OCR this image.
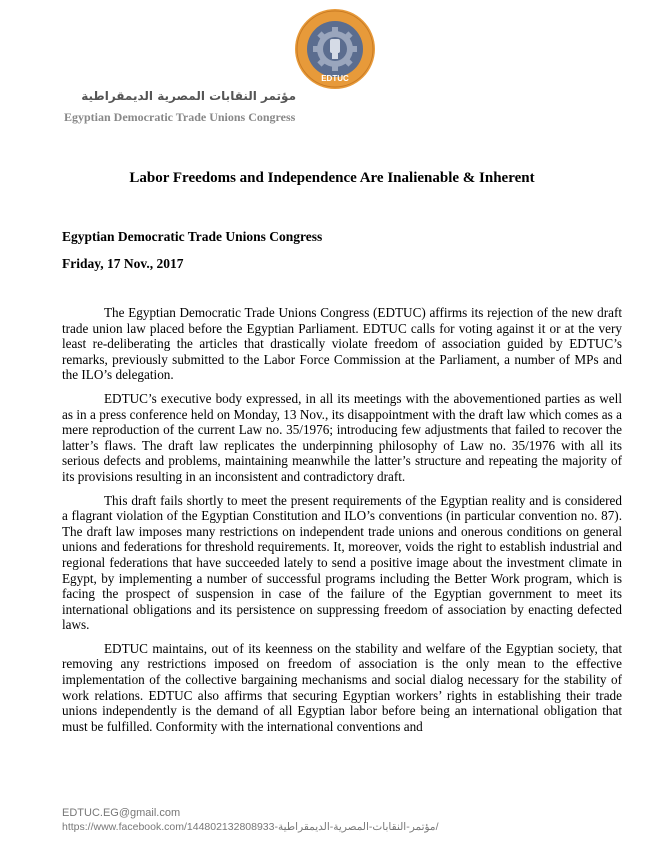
EDTUC
مؤتمر النقابات المصرية الديمقراطية
Egyptian Democratic Trade Unions Congress
Labor Freedoms and Independence Are Inalienable & Inherent
Egyptian Democratic Trade Unions Congress
Friday, 17 Nov., 2017

The Egyptian Democratic Trade Unions Congress (EDTUC) affirms its rejection of the new draft trade union law placed before the Egyptian Parliament. EDTUC calls for voting against it or at the very least re-deliberating the articles that drastically violate freedom of association guided by EDTUC’s remarks, previously submitted to the Labor Force Commission at the Parliament, a number of MPs and the ILO’s delegation.

EDTUC’s executive body expressed, in all its meetings with the abovementioned parties as well as in a press conference held on Monday, 13 Nov., its disappointment with the draft law which comes as a mere reproduction of the current Law no. 35/1976; introducing few adjustments that failed to recover the latter’s flaws. The draft law replicates the underpinning philosophy of Law no. 35/1976 with all its serious defects and problems, maintaining meanwhile the latter’s structure and repeating the majority of its provisions resulting in an inconsistent and contradictory draft.

This draft fails shortly to meet the present requirements of the Egyptian reality and is considered a flagrant violation of the Egyptian Constitution and ILO’s conventions (in particular convention no. 87). The draft law imposes many restrictions on independent trade unions and onerous conditions on general unions and federations for threshold requirements. It, moreover, voids the right to establish industrial and regional federations that have succeeded lately to send a positive image about the investment climate in Egypt, by implementing a number of successful programs including the Better Work program, which is facing the prospect of suspension in case of the failure of the Egyptian government to meet its international obligations and its persistence on suppressing freedom of association by enacting defected laws.

EDTUC maintains, out of its keenness on the stability and welfare of the Egyptian society, that removing any restrictions imposed on freedom of association is the only mean to the effective implementation of the collective bargaining mechanisms and social dialog necessary for the stability of work relations. EDTUC also affirms that securing Egyptian workers’ rights in establishing their trade unions independently is the demand of all Egyptian labor before being an international obligation that must be fulfilled. Conformity with the international conventions and

EDTUC.EG@gmail.com
https://www.facebook.com/مؤتمر-النقابات-المصرية-الديمقراطية-144802132808933/
